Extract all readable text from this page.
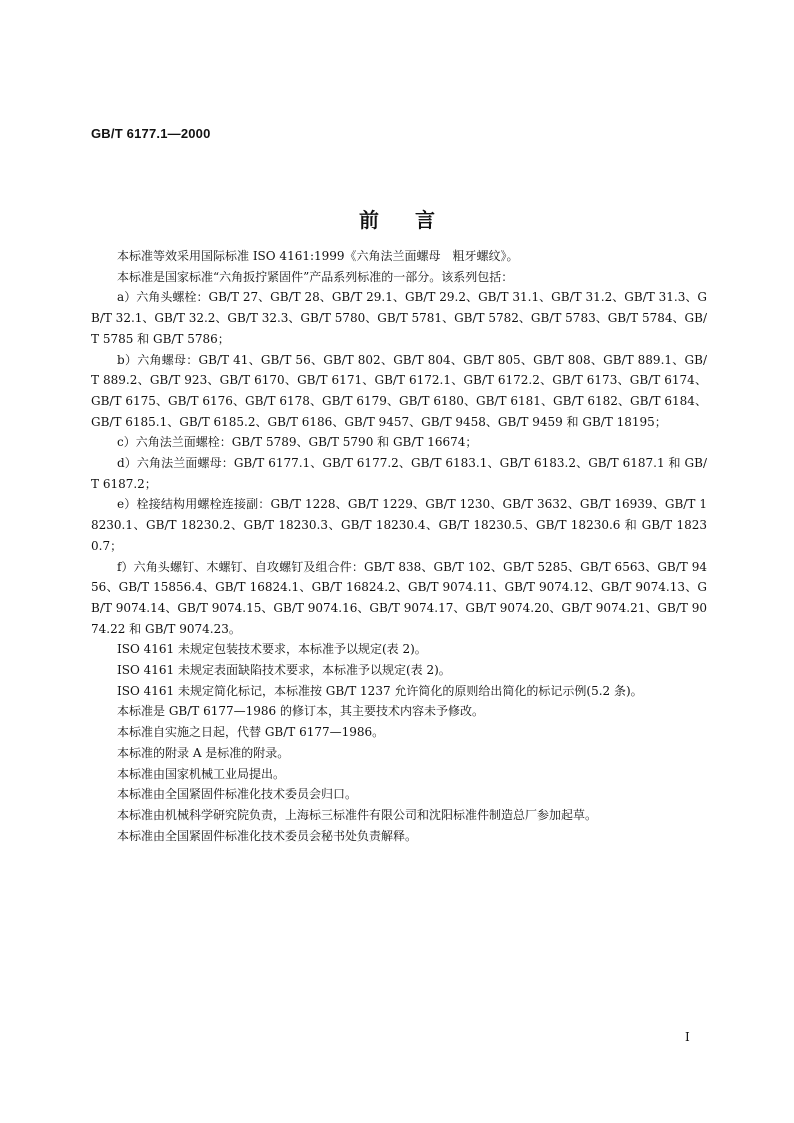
GB/T 6177.1—2000
前言

本标准等效采用国际标准 ISO 4161:1999《六角法兰面螺母　粗牙螺纹》。

本标准是国家标准“六角扳拧紧固件”产品系列标准的一部分。该系列包括：

a）六角头螺栓：GB/T 27、GB/T 28、GB/T 29.1、GB/T 29.2、GB/T 31.1、GB/T 31.2、GB/T 31.3、GB/T 32.1、GB/T 32.2、GB/T 32.3、GB/T 5780、GB/T 5781、GB/T 5782、GB/T 5783、GB/T 5784、GB/T 5785 和 GB/T 5786；

b）六角螺母：GB/T 41、GB/T 56、GB/T 802、GB/T 804、GB/T 805、GB/T 808、GB/T 889.1、GB/T 889.2、GB/T 923、GB/T 6170、GB/T 6171、GB/T 6172.1、GB/T 6172.2、GB/T 6173、GB/T 6174、GB/T 6175、GB/T 6176、GB/T 6178、GB/T 6179、GB/T 6180、GB/T 6181、GB/T 6182、GB/T 6184、GB/T 6185.1、GB/T 6185.2、GB/T 6186、GB/T 9457、GB/T 9458、GB/T 9459 和 GB/T 18195；

c）六角法兰面螺栓：GB/T 5789、GB/T 5790 和 GB/T 16674；

d）六角法兰面螺母：GB/T 6177.1、GB/T 6177.2、GB/T 6183.1、GB/T 6183.2、GB/T 6187.1 和 GB/T 6187.2；

e）栓接结构用螺栓连接副：GB/T 1228、GB/T 1229、GB/T 1230、GB/T 3632、GB/T 16939、GB/T 18230.1、GB/T 18230.2、GB/T 18230.3、GB/T 18230.4、GB/T 18230.5、GB/T 18230.6 和 GB/T 18230.7；

f）六角头螺钉、木螺钉、自攻螺钉及组合件：GB/T 838、GB/T 102、GB/T 5285、GB/T 6563、GB/T 9456、GB/T 15856.4、GB/T 16824.1、GB/T 16824.2、GB/T 9074.11、GB/T 9074.12、GB/T 9074.13、GB/T 9074.14、GB/T 9074.15、GB/T 9074.16、GB/T 9074.17、GB/T 9074.20、GB/T 9074.21、GB/T 9074.22 和 GB/T 9074.23。

ISO 4161 未规定包装技术要求，本标准予以规定(表 2)。

ISO 4161 未规定表面缺陷技术要求，本标准予以规定(表 2)。

ISO 4161 未规定简化标记，本标准按 GB/T 1237 允许简化的原则给出简化的标记示例(5.2 条)。

本标准是 GB/T 6177—1986 的修订本，其主要技术内容未予修改。

本标准自实施之日起，代替 GB/T 6177—1986。

本标准的附录 A 是标准的附录。

本标准由国家机械工业局提出。

本标准由全国紧固件标准化技术委员会归口。

本标准由机械科学研究院负责，上海标三标准件有限公司和沈阳标准件制造总厂参加起草。

本标准由全国紧固件标准化技术委员会秘书处负责解释。

I
